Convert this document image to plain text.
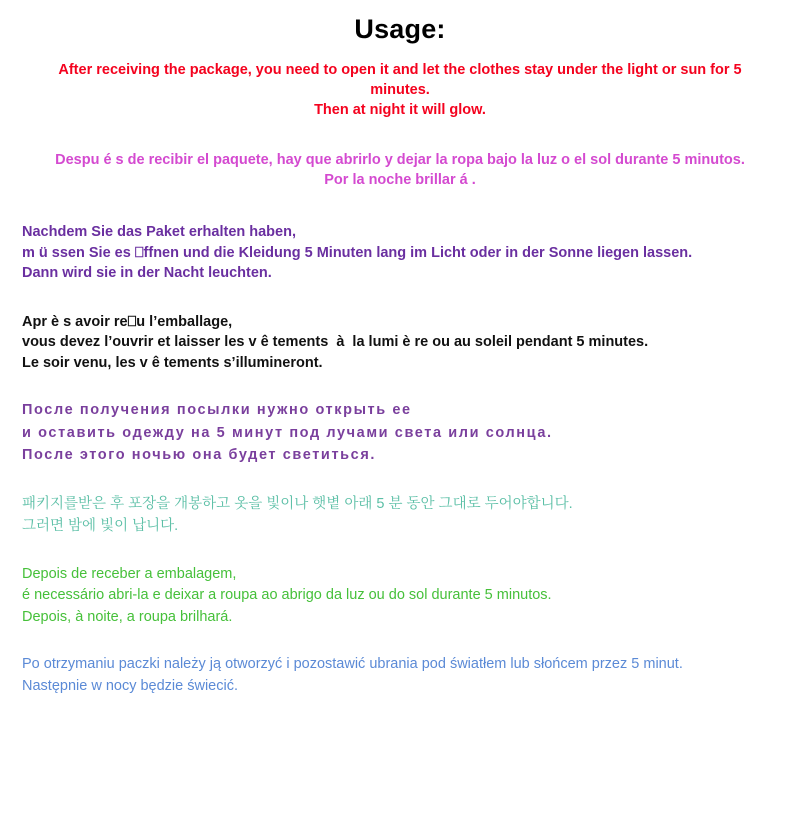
Usage:
After receiving the package, you need to open it and let the clothes stay under the light or sun for 5 minutes.
Then at night it will glow.
Despu é s de recibir el paquete, hay que abrirlo y dejar la ropa bajo la luz o el sol durante 5 minutos.
Por la noche brillar á .
Nachdem Sie das Paket erhalten haben,
m ü ssen Sie es ⎕ffnen und die Kleidung 5 Minuten lang im Licht oder in der Sonne liegen lassen.
Dann wird sie in der Nacht leuchten.
Apr è s avoir re⎕u l’emballage,
vous devez l’ouvrir et laisser les v ê tements  à  la lumi è re ou au soleil pendant 5 minutes.
Le soir venu, les v ê tements s’illumineront.
После получения посылки нужно открыть ее
и оставить одежду на 5 минут под лучами света или солнца.
После этого ночью она будет светиться.
패키지를받은 후 포장을 개봉하고 옷을 빛이나 햇볕 아래 5 분 동안 그대로 두어야합니다.
그러면 밤에 빛이 납니다.
Depois de receber a embalagem,
é necessário abri-la e deixar a roupa ao abrigo da luz ou do sol durante 5 minutos.
Depois, à noite, a roupa brilhará.
Po otrzymaniu paczki należy ją otworzyć i pozostawić ubrania pod światłem lub słońcem przez 5 minut.
Następnie w nocy będzie świecić.
